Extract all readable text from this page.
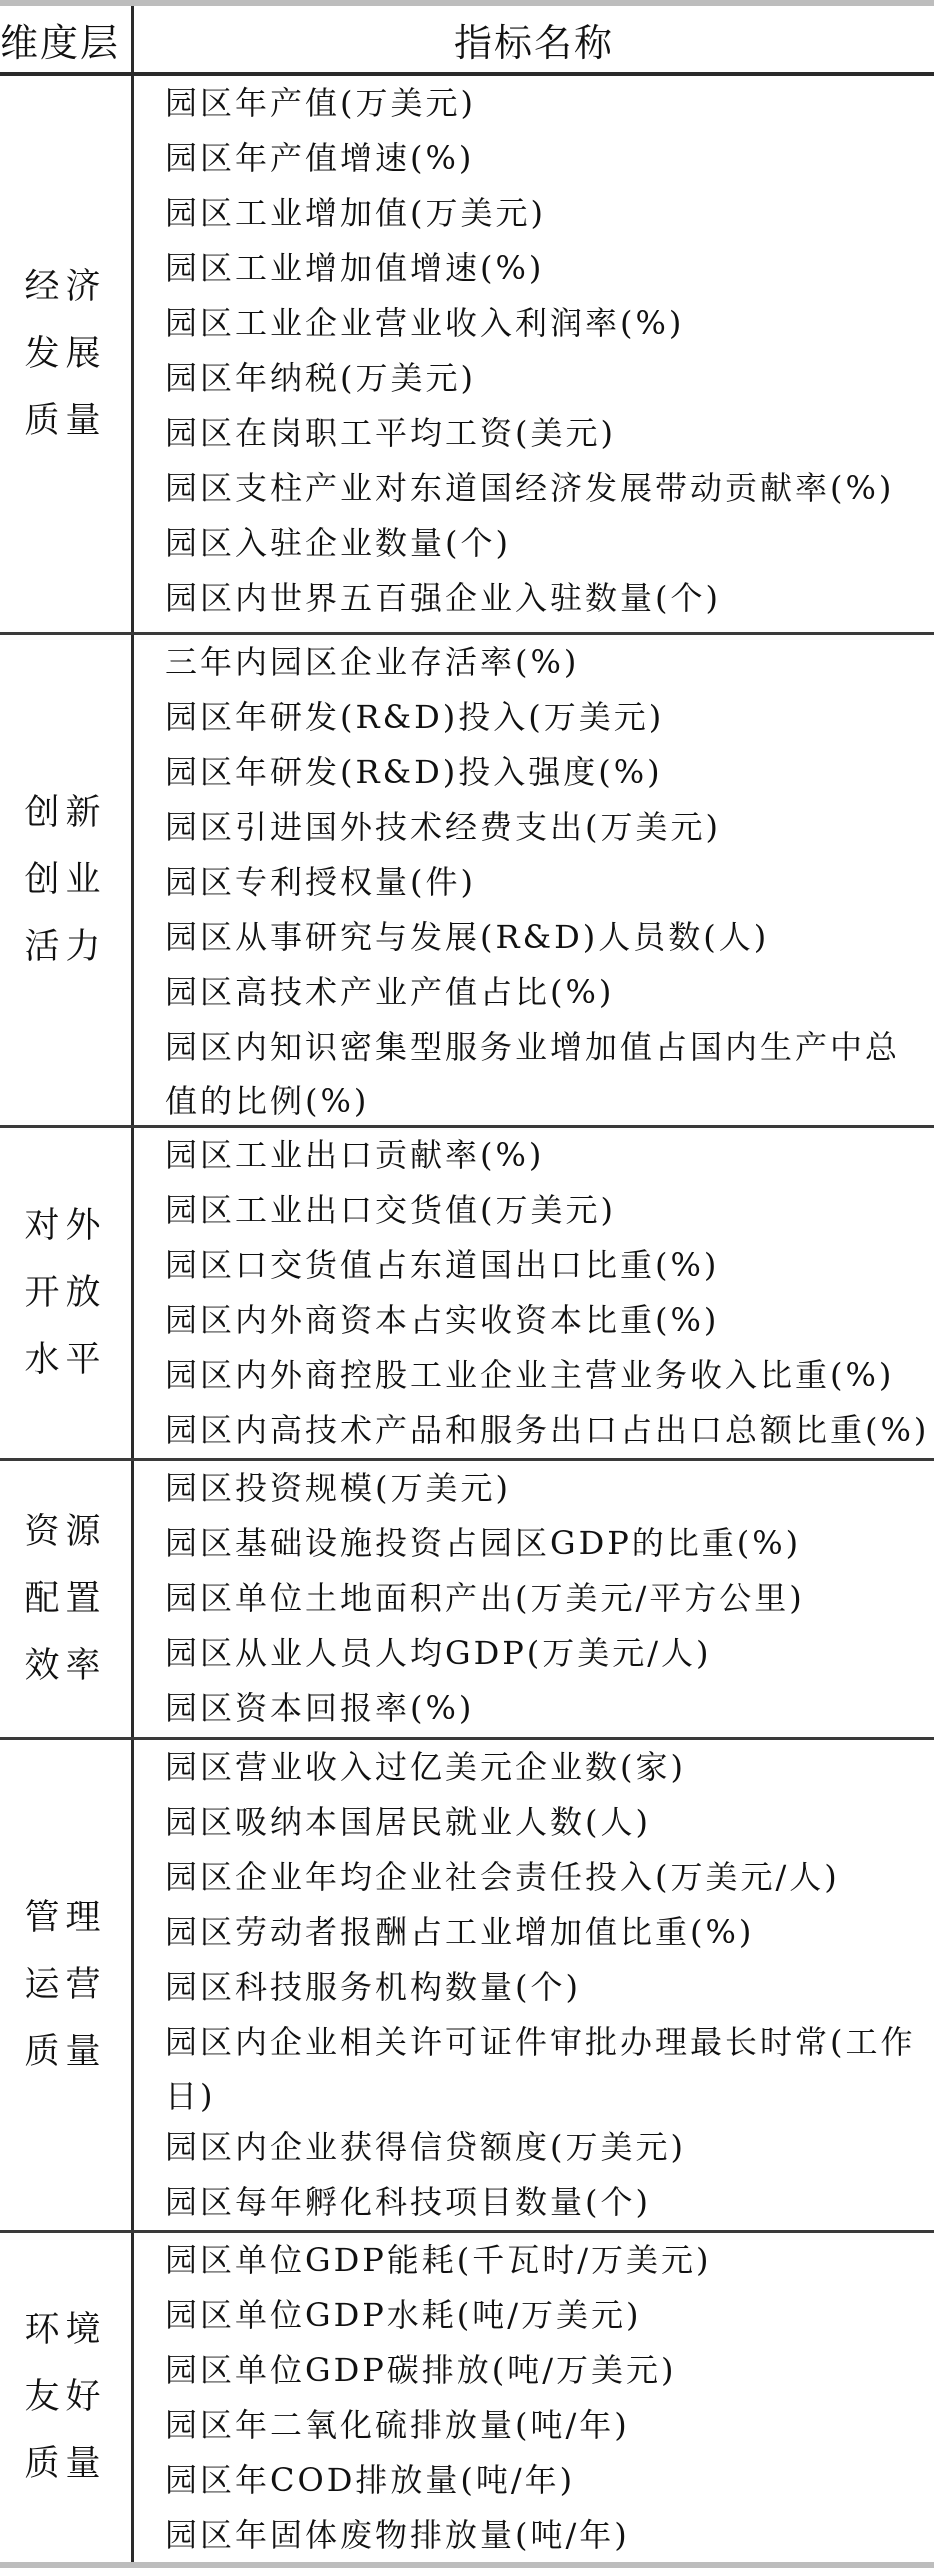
维度层	指标名称
经济发展质量
园区年产值(万美元)
园区年产值增速(%)
园区工业增加值(万美元)
园区工业增加值增速(%)
园区工业企业营业收入利润率(%)
园区年纳税(万美元)
园区在岗职工平均工资(美元)
园区支柱产业对东道国经济发展带动贡献率(%)
园区入驻企业数量(个)
园区内世界五百强企业入驻数量(个)
创新创业活力
三年内园区企业存活率(%)
园区年研发(R&D)投入(万美元)
园区年研发(R&D)投入强度(%)
园区引进国外技术经费支出(万美元)
园区专利授权量(件)
园区从事研究与发展(R&D)人员数(人)
园区高技术产业产值占比(%)
园区内知识密集型服务业增加值占国内生产中总值的比例(%)
对外开放水平
园区工业出口贡献率(%)
园区工业出口交货值(万美元)
园区口交货值占东道国出口比重(%)
园区内外商资本占实收资本比重(%)
园区内外商控股工业企业主营业务收入比重(%)
园区内高技术产品和服务出口占出口总额比重(%)
资源配置效率
园区投资规模(万美元)
园区基础设施投资占园区GDP的比重(%)
园区单位土地面积产出(万美元/平方公里)
园区从业人员人均GDP(万美元/人)
园区资本回报率(%)
管理运营质量
园区营业收入过亿美元企业数(家)
园区吸纳本国居民就业人数(人)
园区企业年均企业社会责任投入(万美元/人)
园区劳动者报酬占工业增加值比重(%)
园区科技服务机构数量(个)
园区内企业相关许可证件审批办理最长时常(工作日)
园区内企业获得信贷额度(万美元)
园区每年孵化科技项目数量(个)
环境友好质量
园区单位GDP能耗(千瓦时/万美元)
园区单位GDP水耗(吨/万美元)
园区单位GDP碳排放(吨/万美元)
园区年二氧化硫排放量(吨/年)
园区年COD排放量(吨/年)
园区年固体废物排放量(吨/年)
